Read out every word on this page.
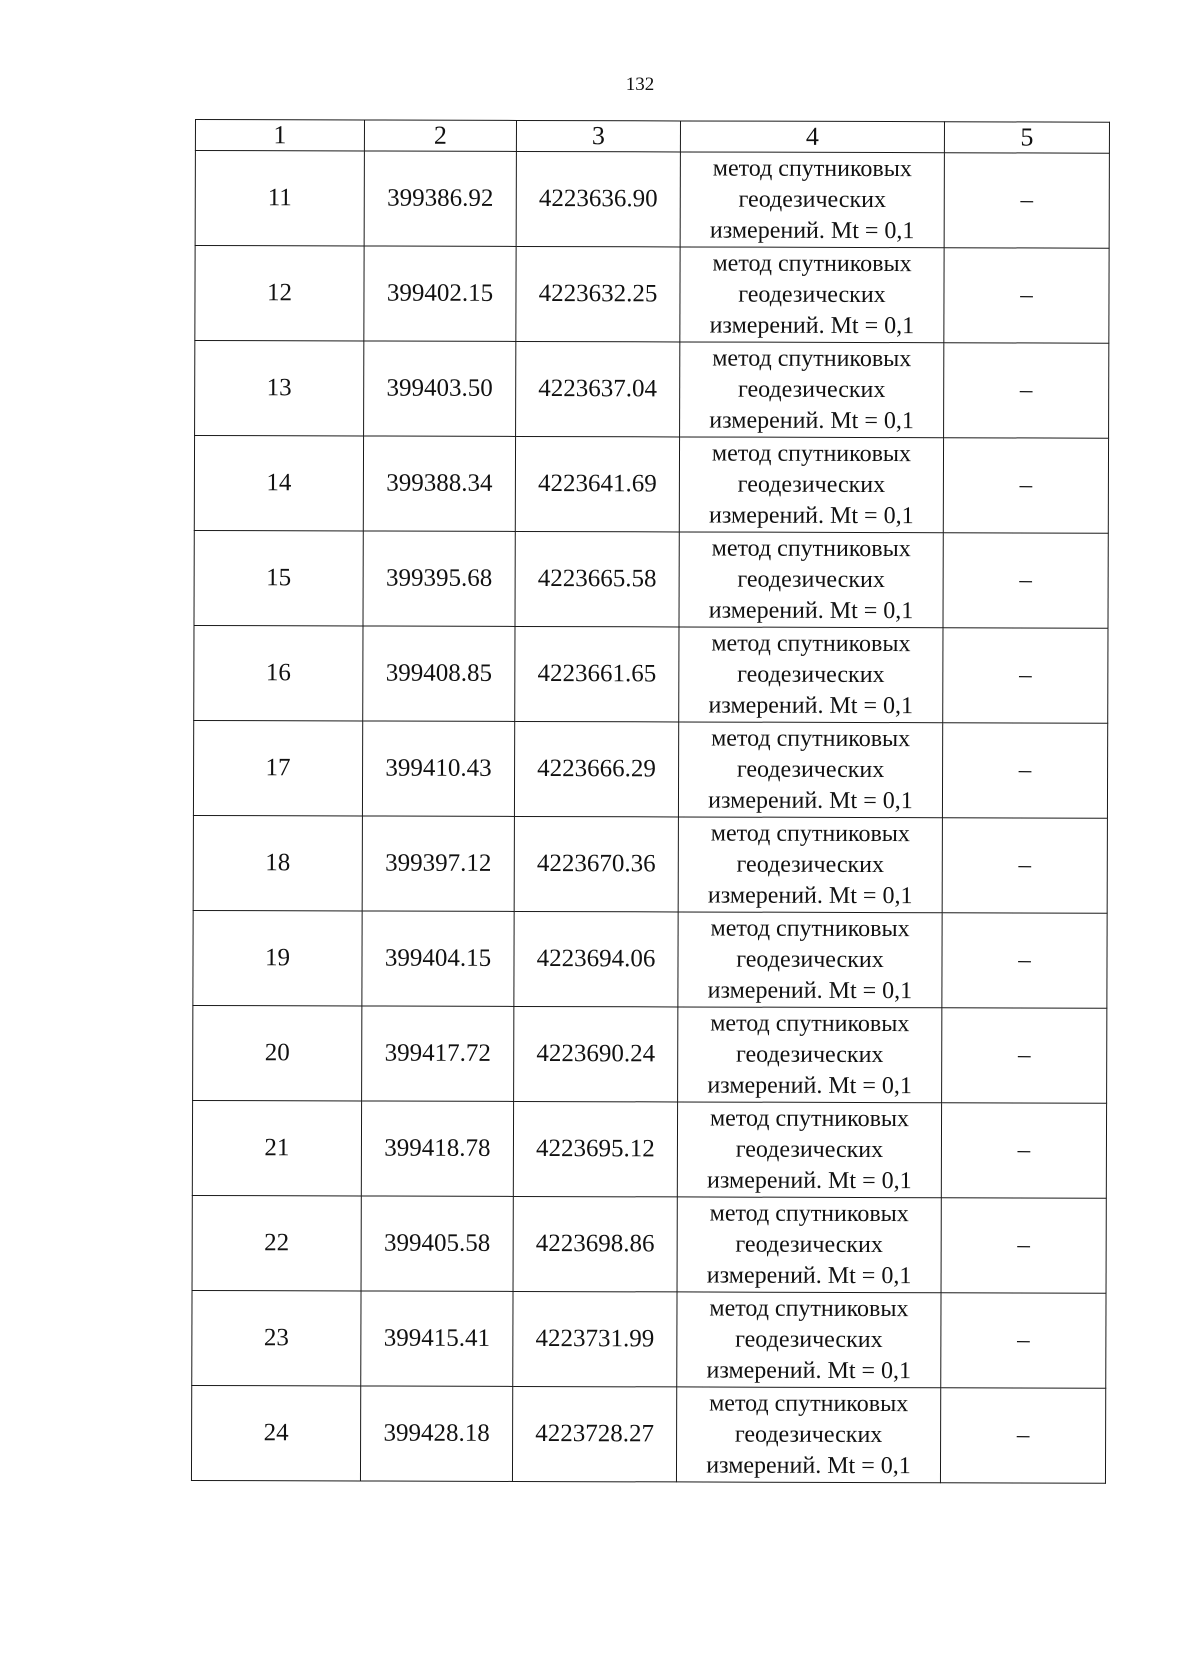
132
1	2	3	4	5
11	399386.92	4223636.90	метод спутниковых
геодезических
измерений. Mt = 0,1	–
12	399402.15	4223632.25	метод спутниковых
геодезических
измерений. Mt = 0,1	–
13	399403.50	4223637.04	метод спутниковых
геодезических
измерений. Mt = 0,1	–
14	399388.34	4223641.69	метод спутниковых
геодезических
измерений. Mt = 0,1	–
15	399395.68	4223665.58	метод спутниковых
геодезических
измерений. Mt = 0,1	–
16	399408.85	4223661.65	метод спутниковых
геодезических
измерений. Mt = 0,1	–
17	399410.43	4223666.29	метод спутниковых
геодезических
измерений. Mt = 0,1	–
18	399397.12	4223670.36	метод спутниковых
геодезических
измерений. Mt = 0,1	–
19	399404.15	4223694.06	метод спутниковых
геодезических
измерений. Mt = 0,1	–
20	399417.72	4223690.24	метод спутниковых
геодезических
измерений. Mt = 0,1	–
21	399418.78	4223695.12	метод спутниковых
геодезических
измерений. Mt = 0,1	–
22	399405.58	4223698.86	метод спутниковых
геодезических
измерений. Mt = 0,1	–
23	399415.41	4223731.99	метод спутниковых
геодезических
измерений. Mt = 0,1	–
24	399428.18	4223728.27	метод спутниковых
геодезических
измерений. Mt = 0,1	–
